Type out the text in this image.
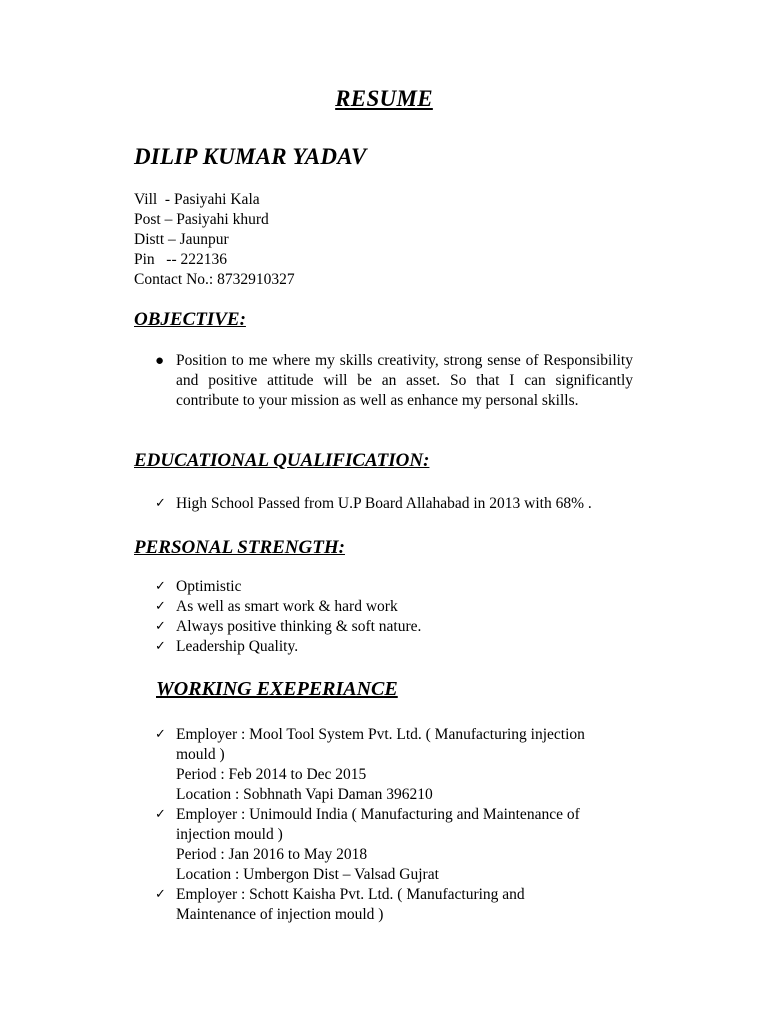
RESUME
DILIP KUMAR YADAV
Vill  - Pasiyahi Kala
Post – Pasiyahi khurd
Distt – Jaunpur
Pin   -- 222136
Contact No.: 8732910327
OBJECTIVE:
● Position to me where my skills creativity, strong sense of Responsibility and positive attitude will be an asset. So that I can significantly contribute to your mission as well as enhance my personal skills.
EDUCATIONAL QUALIFICATION:
✓ High School Passed from U.P Board Allahabad in 2013 with 68% .
PERSONAL STRENGTH:
✓ Optimistic
✓ As well as smart work & hard work
✓ Always positive thinking & soft nature.
✓ Leadership Quality.
WORKING EXEPERIANCE
✓ Employer : Mool Tool System Pvt. Ltd. ( Manufacturing injection
mould )
Period : Feb 2014 to Dec 2015
Location : Sobhnath Vapi Daman 396210
✓ Employer : Unimould India ( Manufacturing and Maintenance of
injection mould )
Period : Jan 2016 to May 2018
Location : Umbergon Dist – Valsad Gujrat
✓ Employer : Schott Kaisha Pvt. Ltd. ( Manufacturing and
Maintenance of injection mould )
